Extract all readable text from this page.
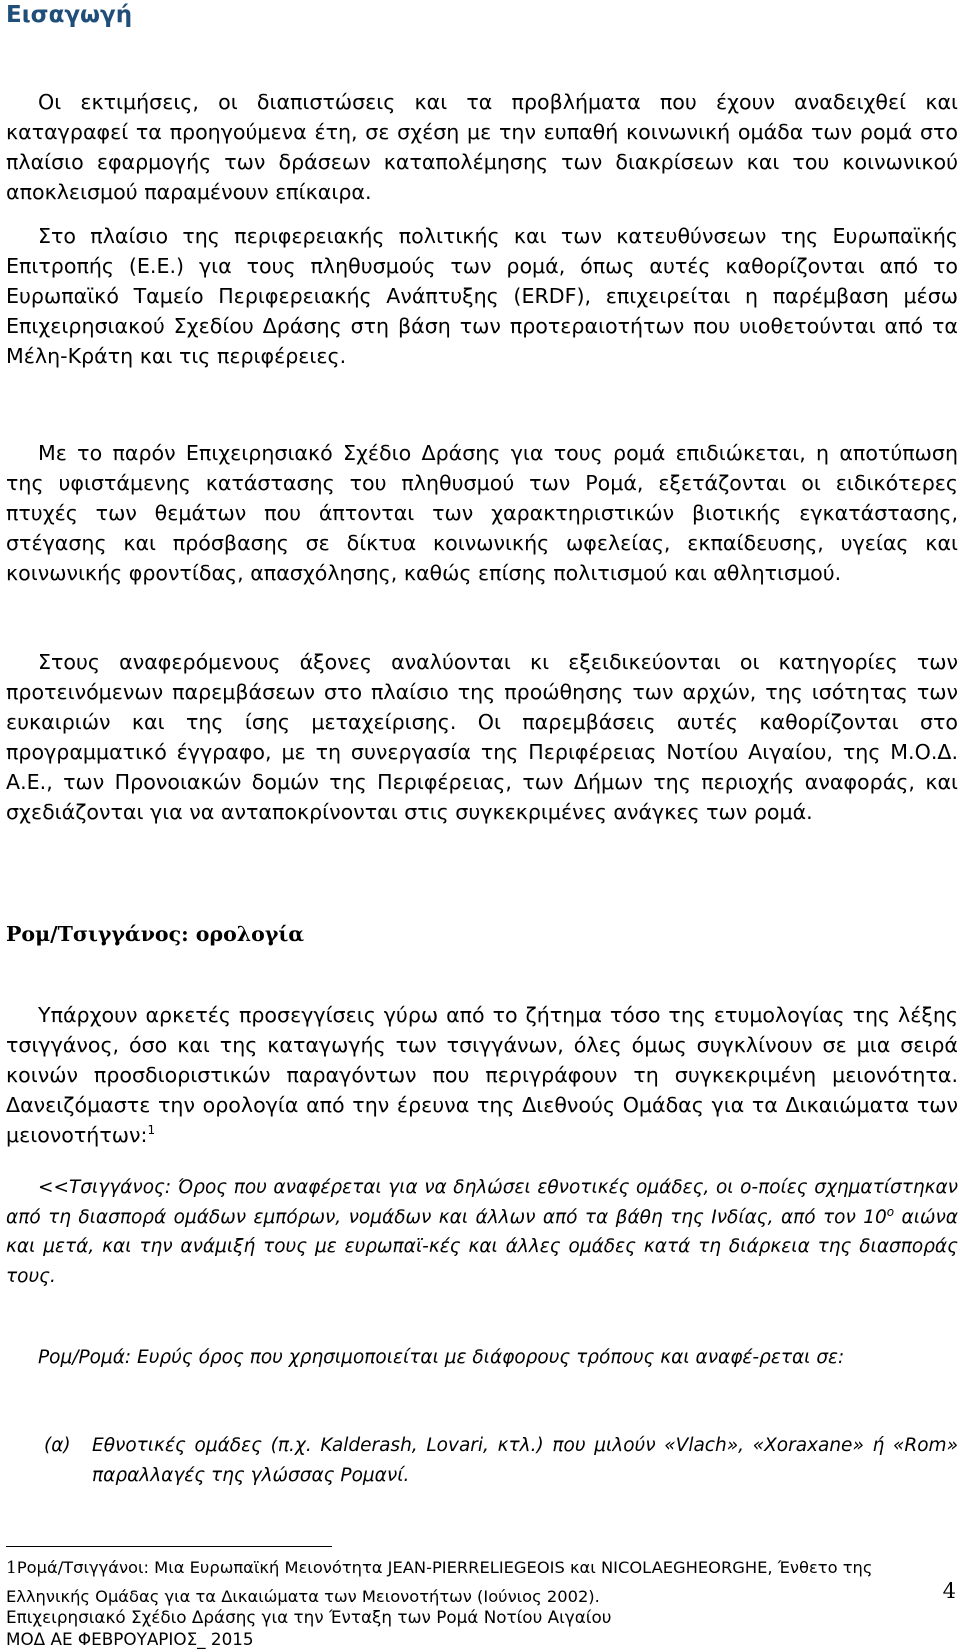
Εισαγωγή

Οι εκτιμήσεις, οι διαπιστώσεις και τα προβλήματα που έχουν αναδειχθεί και καταγραφεί τα προηγούμενα έτη, σε σχέση με την ευπαθή κοινωνική ομάδα των ρομά στο πλαίσιο εφαρμογής των δράσεων καταπολέμησης των διακρίσεων και του κοινωνικού αποκλεισμού παραμένουν επίκαιρα.

Στο πλαίσιο της περιφερειακής πολιτικής και των κατευθύνσεων της Ευρωπαϊκής Επιτροπής (Ε.Ε.) για τους πληθυσμούς των ρομά, όπως αυτές καθορίζονται από το Ευρωπαϊκό Ταμείο Περιφερειακής Ανάπτυξης (ERDF), επιχειρείται η παρέμβαση μέσω Επιχειρησιακού Σχεδίου Δράσης στη βάση των προτεραιοτήτων που υιοθετούνται από τα Μέλη-Κράτη και τις περιφέρειες.

Με το παρόν Επιχειρησιακό Σχέδιο Δράσης για τους ρομά επιδιώκεται, η αποτύπωση της υφιστάμενης κατάστασης του πληθυσμού των Ρομά, εξετάζονται οι ειδικότερες πτυχές των θεμάτων που άπτονται των χαρακτηριστικών βιοτικής εγκατάστασης, στέγασης και πρόσβασης σε δίκτυα κοινωνικής ωφελείας, εκπαίδευσης, υγείας και κοινωνικής φροντίδας, απασχόλησης, καθώς επίσης πολιτισμού και αθλητισμού.

Στους αναφερόμενους άξονες αναλύονται κι εξειδικεύονται οι κατηγορίες των προτεινόμενων παρεμβάσεων στο πλαίσιο της προώθησης των αρχών, της ισότητας των ευκαιριών και της ίσης μεταχείρισης. Οι παρεμβάσεις αυτές καθορίζονται στο προγραμματικό έγγραφο, με τη συνεργασία της Περιφέρειας Νοτίου Αιγαίου, της Μ.Ο.Δ. Α.Ε., των Προνοιακών δομών της Περιφέρειας, των Δήμων της περιοχής αναφοράς, και σχεδιάζονται για να ανταποκρίνονται στις συγκεκριμένες ανάγκες των ρομά.

Ρομ/Τσιγγάνος: ορολογία

Υπάρχουν αρκετές προσεγγίσεις γύρω από το ζήτημα τόσο της ετυμολογίας της λέξης τσιγγάνος, όσο και της καταγωγής των τσιγγάνων, όλες όμως συγκλίνουν σε μια σειρά κοινών προσδιοριστικών παραγόντων που περιγράφουν τη συγκεκριμένη μειονότητα. Δανειζόμαστε την ορολογία από την έρευνα της Διεθνούς Ομάδας για τα Δικαιώματα των μειονοτήτων:$^1$

<<Τσιγγάνος: Όρος που αναφέρεται για να δηλώσει εθνοτικές ομάδες, οι ο-ποίες σχηματίστηκαν από τη διασπορά ομάδων εμπόρων, νομάδων και άλλων από τα βάθη της Ινδίας, από τον $10^o$ αιώνα και μετά, και την ανάμιξή τους με ευρωπαϊ-κές και άλλες ομάδες κατά τη διάρκεια της διασποράς τους.

Ρομ/Ρομά: Ευρύς όρος που χρησιμοποιείται με διάφορους τρόπους και αναφέ-ρεται σε:

(α)	Εθνοτικές ομάδες (π.χ. Kalderash, Lovari, κτλ.) που μιλούν «Vlach», «Xoraxane» ή «Rom» παραλλαγές της γλώσσας Ρομανί.

1Ρομά/Τσιγγάνοι: Μια Ευρωπαϊκή Μειονότητα JEAN-PIERRELIEGEOIS και NICOLAEGHEORGHE, Ένθετο της Ελληνικής Ομάδας για τα Δικαιώματα των Μειονοτήτων (Ιούνιος 2002).	4
Επιχειρησιακό Σχέδιο Δράσης για την Ένταξη των Ρομά Νοτίου Αιγαίου
ΜΟΔ ΑΕ ΦΕΒΡΟΥΑΡΙΟΣ_ 2015
